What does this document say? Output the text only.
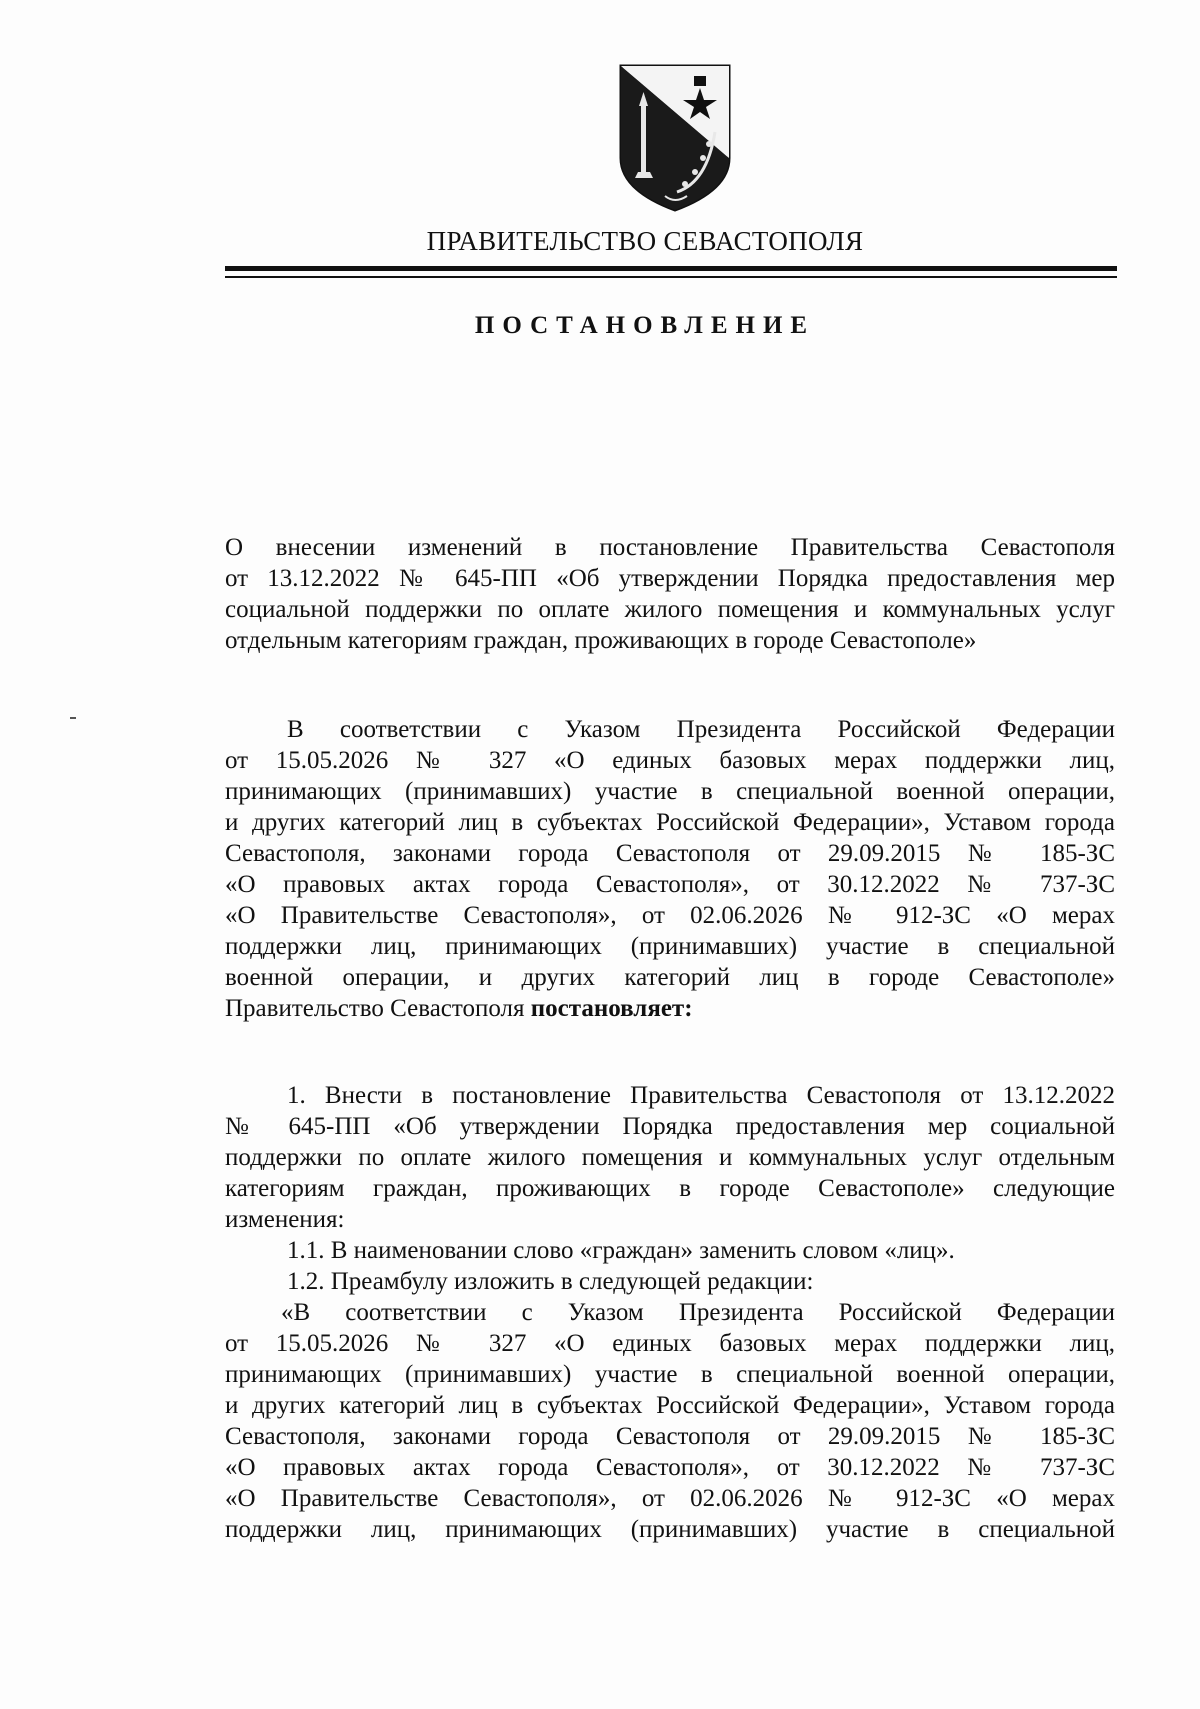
ПРАВИТЕЛЬСТВО СЕВАСТОПОЛЯ
ПОСТАНОВЛЕНИЕ
О внесении изменений в постановление Правительства Севастополя
от 13.12.2022 № 645-ПП «Об утверждении Порядка предоставления мер
социальной поддержки по оплате жилого помещения и коммунальных услуг
отдельным категориям граждан, проживающих в городе Севастополе»
В соответствии с Указом Президента Российской Федерации
от 15.05.2026 № 327 «О единых базовых мерах поддержки лиц,
принимающих (принимавших) участие в специальной военной операции,
и других категорий лиц в субъектах Российской Федерации», Уставом города
Севастополя, законами города Севастополя от 29.09.2015 № 185-ЗС
«О правовых актах города Севастополя», от 30.12.2022 № 737-ЗС
«О Правительстве Севастополя», от 02.06.2026 № 912-ЗС «О мерах
поддержки лиц, принимающих (принимавших) участие в специальной
военной операции, и других категорий лиц в городе Севастополе»
Правительство Севастополя постановляет:
1. Внести в постановление Правительства Севастополя от 13.12.2022
№ 645-ПП «Об утверждении Порядка предоставления мер социальной
поддержки по оплате жилого помещения и коммунальных услуг отдельным
категориям граждан, проживающих в городе Севастополе» следующие
изменения:
1.1. В наименовании слово «граждан» заменить словом «лиц».
1.2. Преамбулу изложить в следующей редакции:
«В соответствии с Указом Президента Российской Федерации
от 15.05.2026 № 327 «О единых базовых мерах поддержки лиц,
принимающих (принимавших) участие в специальной военной операции,
и других категорий лиц в субъектах Российской Федерации», Уставом города
Севастополя, законами города Севастополя от 29.09.2015 № 185-ЗС
«О правовых актах города Севастополя», от 30.12.2022 № 737-ЗС
«О Правительстве Севастополя», от 02.06.2026 № 912-ЗС «О мерах
поддержки лиц, принимающих (принимавших) участие в специальной
